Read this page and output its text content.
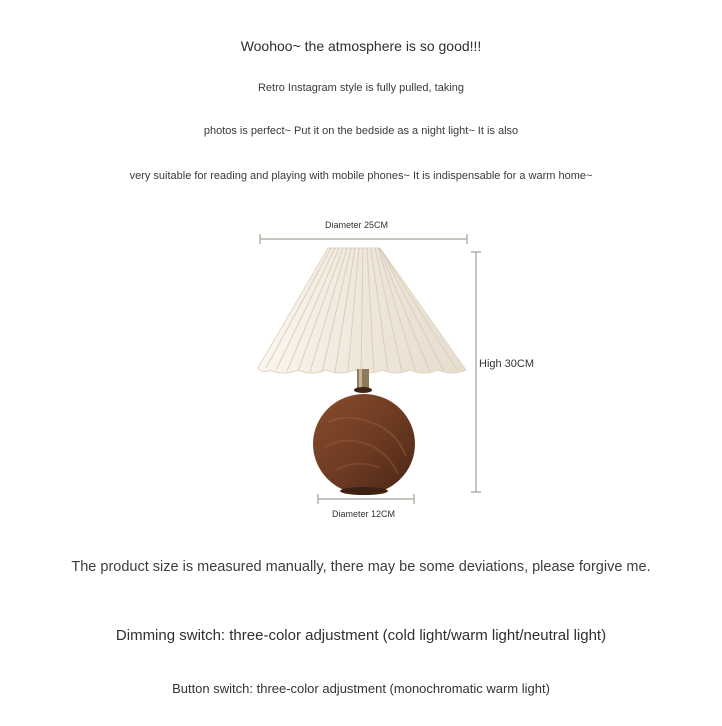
Woohoo~ the atmosphere is so good!!!
Retro Instagram style is fully pulled, taking
photos is perfect~ Put it on the bedside as a night light~ It is also
very suitable for reading and playing with mobile phones~ It is indispensable for a warm home~
Diameter 25CM
High 30CM
Diameter 12CM
The product size is measured manually, there may be some deviations, please forgive me.
Dimming switch: three-color adjustment (cold light/warm light/neutral light)
Button switch: three-color adjustment (monochromatic warm light)
